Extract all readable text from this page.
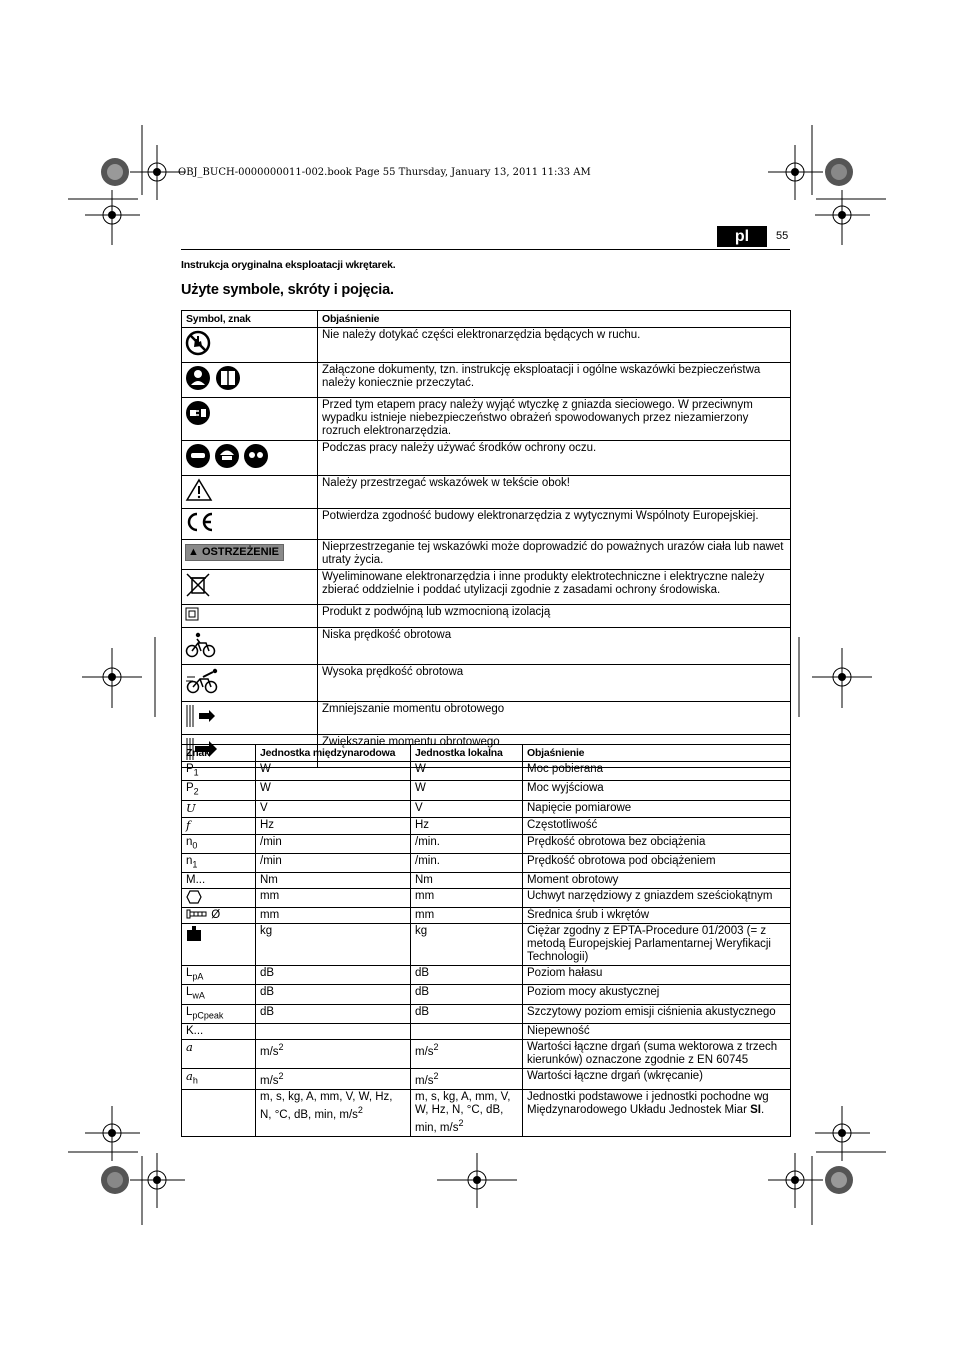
OBJ_BUCH-0000000011-002.book Page 55 Thursday, January 13, 2011 11:33 AM
pl	55
Instrukcja oryginalna eksploatacji wkrętarek.
Użyte symbole, skróty i pojęcia.
Symbol, znak	Objaśnienie
	Nie należy dotykać części elektronarzędzia będących w ruchu.
	Załączone dokumenty, tzn. instrukcję eksploatacji i ogólne wskazówki bezpieczeństwa należy koniecznie przeczytać.
	Przed tym etapem pracy należy wyjąć wtyczkę z gniazda sieciowego. W przeciwnym wypadku istnieje niebezpieczeństwo obrażeń spowodowanych przez niezamierzony rozruch elektronarzędzia.
	Podczas pracy należy używać środków ochrony oczu.
	Należy przestrzegać wskazówek w tekście obok!
	Potwierdza zgodność budowy elektronarzędzia z wytycznymi Wspólnoty Europejskiej.
▲ OSTRZEŻENIE	Nieprzestrzeganie tej wskazówki może doprowadzić do poważnych urazów ciała lub nawet utraty życia.
	Wyeliminowane elektronarzędzia i inne produkty elektrotechniczne i elektryczne należy zbierać oddzielnie i poddać utylizacji zgodnie z zasadami ochrony środowiska.
	Produkt z podwójną lub wzmocnioną izolacją
	Niska prędkość obrotowa
	Wysoka prędkość obrotowa
	Zmniejszanie momentu obrotowego
	Zwiększanie momentu obrotowego
Znak	Jednostka międzynarodowa	Jednostka lokalna	Objaśnienie
$P_1$	W	W	Moc pobierana
$P_2$	W	W	Moc wyjściowa
U	V	V	Napięcie pomiarowe
f	Hz	Hz	Częstotliwość
$n_0$	/min	/min.	Prędkość obrotowa bez obciążenia
$n_1$	/min	/min.	Prędkość obrotowa pod obciążeniem
M...	Nm	Nm	Moment obrotowy
	mm	mm	Uchwyt narzędziowy z gniazdem sześciokątnym
Ø	mm	mm	Średnica śrub i wkrętów
	kg	kg	Ciężar zgodny z EPTA-Procedure 01/2003 (= z metodą Europejskiej Parlamentarnej Weryfikacji Technologii)
$L_{pA}$	dB	dB	Poziom hałasu
$L_{wA}$	dB	dB	Poziom mocy akustycznej
$L_{pCpeak}$	dB	dB	Szczytowy poziom emisji ciśnienia akustycznego
K...			Niepewność
a	$m/s^2$	$m/s^2$	Wartości łączne drgań (suma wektorowa z trzech kierunków) oznaczone zgodnie z EN 60745
$a_h$	$m/s^2$	$m/s^2$	Wartości łączne drgań (wkręcanie)
	m, s, kg, A, mm, V, W, Hz, N, °C, dB, min, $m/s^2$	m, s, kg, A, mm, V, W, Hz, N, °C, dB, min, $m/s^2$	Jednostki podstawowe i jednostki pochodne wg Międzynarodowego Układu Jednostek Miar SI.
